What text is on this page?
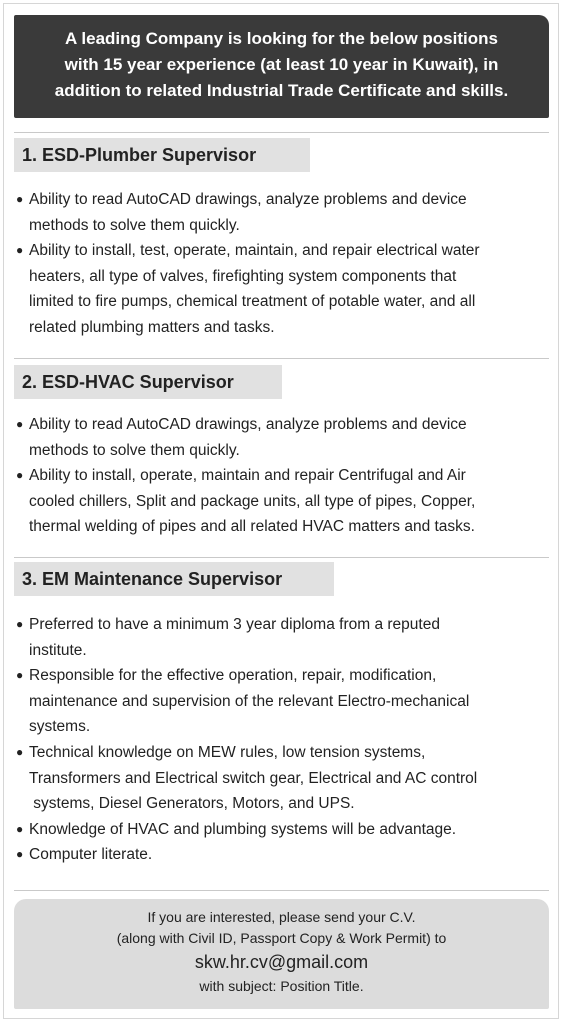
A leading Company is looking for the below positions
with 15 year experience (at least 10 year in Kuwait), in
addition to related Industrial Trade Certificate and skills.
1. ESD-Plumber Supervisor
● Ability to read AutoCAD drawings, analyze problems and device
methods to solve them quickly.
● Ability to install, test, operate, maintain, and repair electrical water
heaters, all type of valves, firefighting system components that
limited to fire pumps, chemical treatment of potable water, and all
related plumbing matters and tasks.
2. ESD-HVAC Supervisor
● Ability to read AutoCAD drawings, analyze problems and device
methods to solve them quickly.
● Ability to install, operate, maintain and repair Centrifugal and Air
cooled chillers, Split and package units, all type of pipes, Copper,
thermal welding of pipes and all related HVAC matters and tasks.
3. EM Maintenance Supervisor
● Preferred to have a minimum 3 year diploma from a reputed
institute.
● Responsible for the effective operation, repair, modification,
maintenance and supervision of the relevant Electro-mechanical
systems.
● Technical knowledge on MEW rules, low tension systems,
Transformers and Electrical switch gear, Electrical and AC control
systems, Diesel Generators, Motors, and UPS.
● Knowledge of HVAC and plumbing systems will be advantage.
● Computer literate.
If you are interested, please send your C.V.
(along with Civil ID, Passport Copy & Work Permit) to
skw.hr.cv@gmail.com
with subject: Position Title.
